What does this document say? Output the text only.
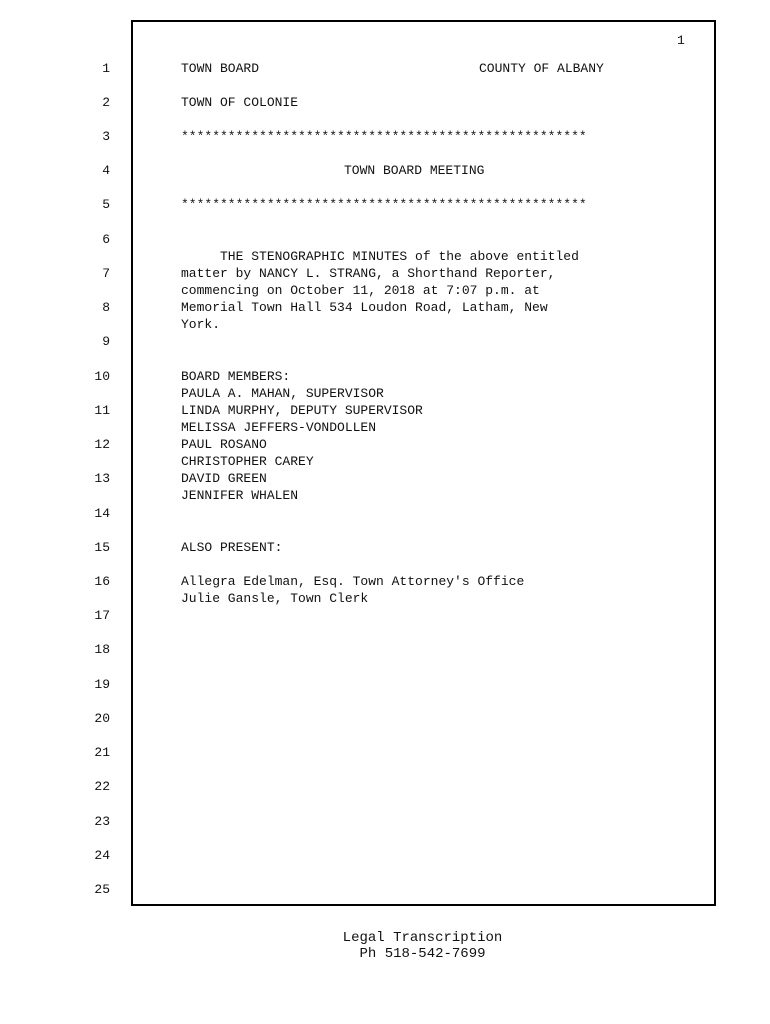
1
1
2
3
4
5
6
7
8
9
10
11
12
13
14
15
16
17
18
19
20
21
22
23
24
25
TOWN BOARD	COUNTY OF ALBANY
TOWN OF COLONIE
****************************************************
TOWN BOARD MEETING
****************************************************
THE STENOGRAPHIC MINUTES of the above entitled
matter by NANCY L. STRANG, a Shorthand Reporter,
commencing on October 11, 2018 at 7:07 p.m. at
Memorial Town Hall 534 Loudon Road, Latham, New
York.
BOARD MEMBERS:
PAULA A. MAHAN, SUPERVISOR
LINDA MURPHY, DEPUTY SUPERVISOR
MELISSA JEFFERS-VONDOLLEN
PAUL ROSANO
CHRISTOPHER CAREY
DAVID GREEN
JENNIFER WHALEN
ALSO PRESENT:
Allegra Edelman, Esq. Town Attorney's Office
Julie Gansle, Town Clerk
Legal Transcription
Ph 518-542-7699
